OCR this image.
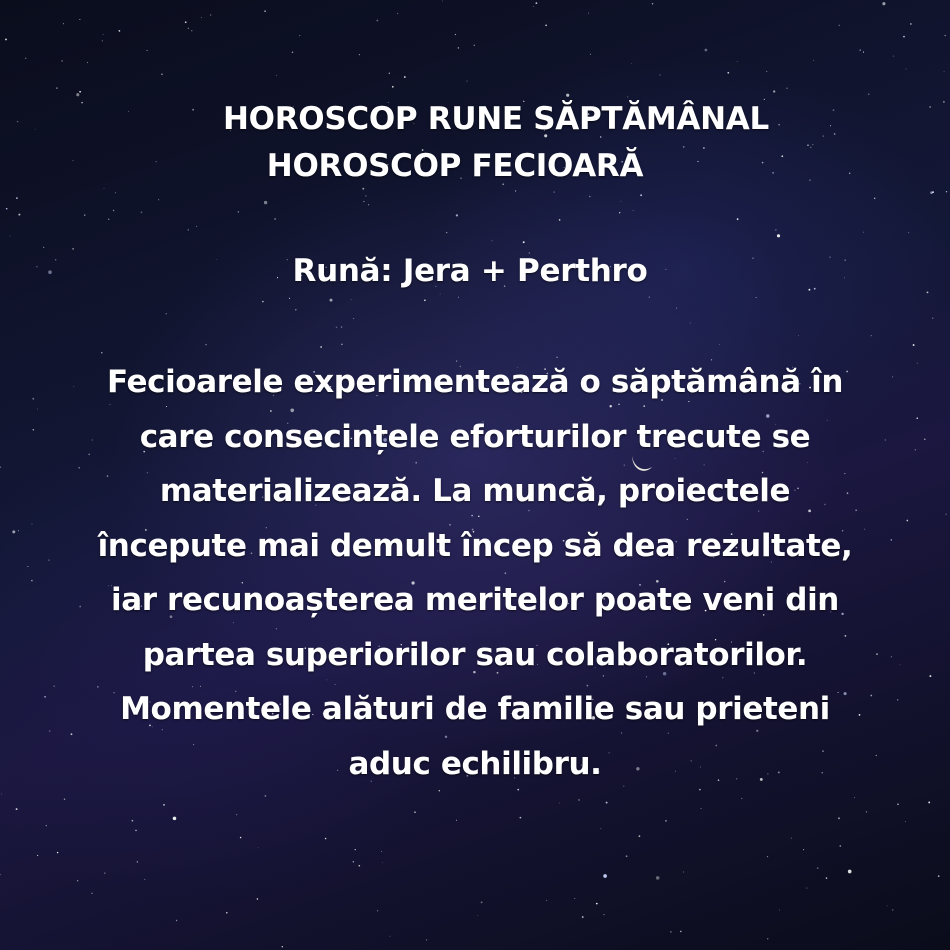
HOROSCOP RUNE SĂPTĂMÂNAL
HOROSCOP FECIOARĂ
Rună: Jera + Perthro
Fecioarele experimentează o săptămână în
care consecințele eforturilor trecute se
materializează. La muncă, proiectele
începute mai demult încep să dea rezultate,
iar recunoașterea meritelor poate veni din
partea superiorilor sau colaboratorilor.
Momentele alături de familie sau prieteni
aduc echilibru.
